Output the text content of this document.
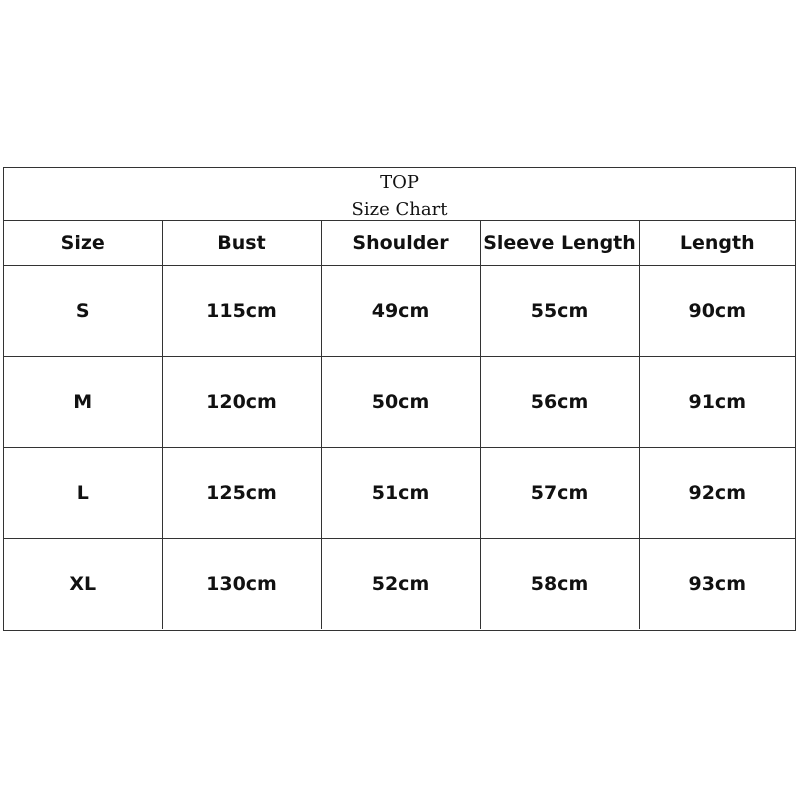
TOP
Size Chart
Size	Bust	Shoulder	Sleeve Length	Length
S	115cm	49cm	55cm	90cm
M	120cm	50cm	56cm	91cm
L	125cm	51cm	57cm	92cm
XL	130cm	52cm	58cm	93cm
